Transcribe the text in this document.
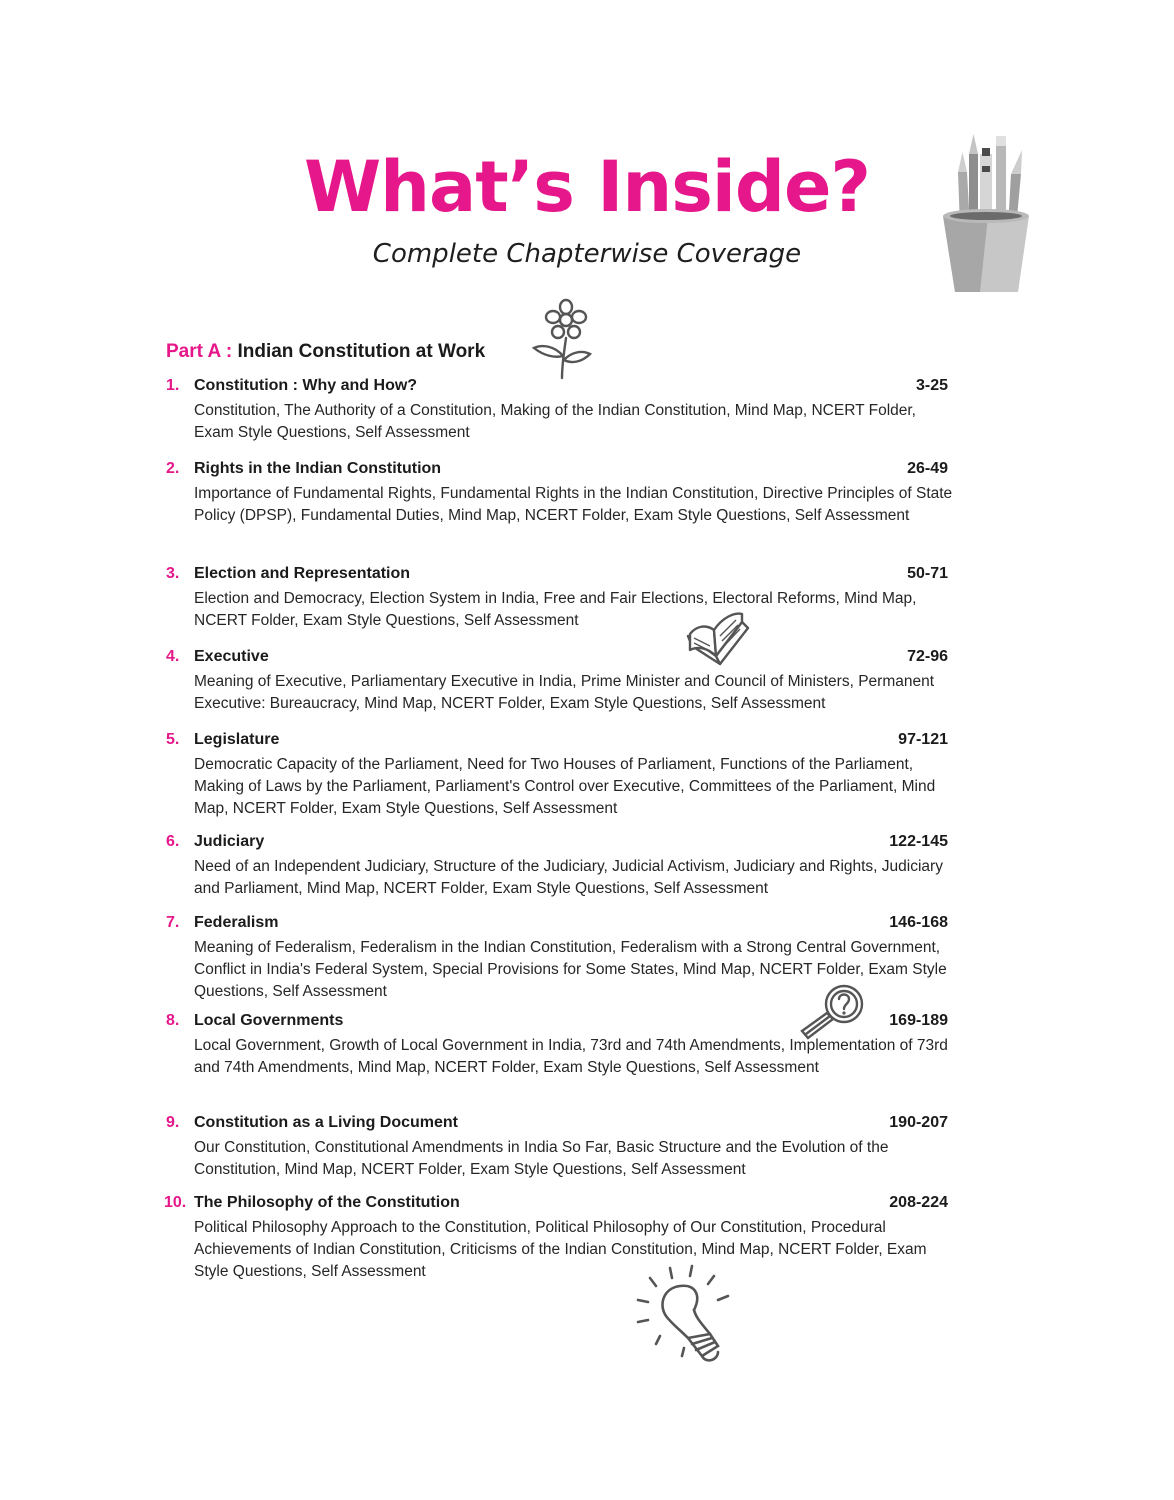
What’s Inside?
Complete Chapterwise Coverage
Part A : Indian Constitution at Work
1. Constitution : Why and How?	3-25
Constitution, The Authority of a Constitution, Making of the Indian Constitution, Mind Map, NCERT Folder, Exam Style Questions, Self Assessment
2. Rights in the Indian Constitution	26-49
Importance of Fundamental Rights, Fundamental Rights in the Indian Constitution, Directive Principles of State Policy (DPSP), Fundamental Duties, Mind Map, NCERT Folder, Exam Style Questions, Self Assessment
3. Election and Representation	50-71
Election and Democracy, Election System in India, Free and Fair Elections, Electoral Reforms, Mind Map, NCERT Folder, Exam Style Questions, Self Assessment
4. Executive	72-96
Meaning of Executive, Parliamentary Executive in India, Prime Minister and Council of Ministers, Permanent Executive: Bureaucracy, Mind Map, NCERT Folder, Exam Style Questions, Self Assessment
5. Legislature	97-121
Democratic Capacity of the Parliament, Need for Two Houses of Parliament, Functions of the Parliament, Making of Laws by the Parliament, Parliament's Control over Executive, Committees of the Parliament, Mind Map, NCERT Folder, Exam Style Questions, Self Assessment
6. Judiciary	122-145
Need of an Independent Judiciary, Structure of the Judiciary, Judicial Activism, Judiciary and Rights, Judiciary and Parliament, Mind Map, NCERT Folder, Exam Style Questions, Self Assessment
7. Federalism	146-168
Meaning of Federalism, Federalism in the Indian Constitution, Federalism with a Strong Central Government, Conflict in India's Federal System, Special Provisions for Some States, Mind Map, NCERT Folder, Exam Style Questions, Self Assessment
8. Local Governments	169-189
Local Government, Growth of Local Government in India, 73rd and 74th Amendments, Implementation of 73rd and 74th Amendments, Mind Map, NCERT Folder, Exam Style Questions, Self Assessment
9. Constitution as a Living Document	190-207
Our Constitution, Constitutional Amendments in India So Far, Basic Structure and the Evolution of the Constitution, Mind Map, NCERT Folder, Exam Style Questions, Self Assessment
10. The Philosophy of the Constitution	208-224
Political Philosophy Approach to the Constitution, Political Philosophy of Our Constitution, Procedural Achievements of Indian Constitution, Criticisms of the Indian Constitution, Mind Map, NCERT Folder, Exam Style Questions, Self Assessment
